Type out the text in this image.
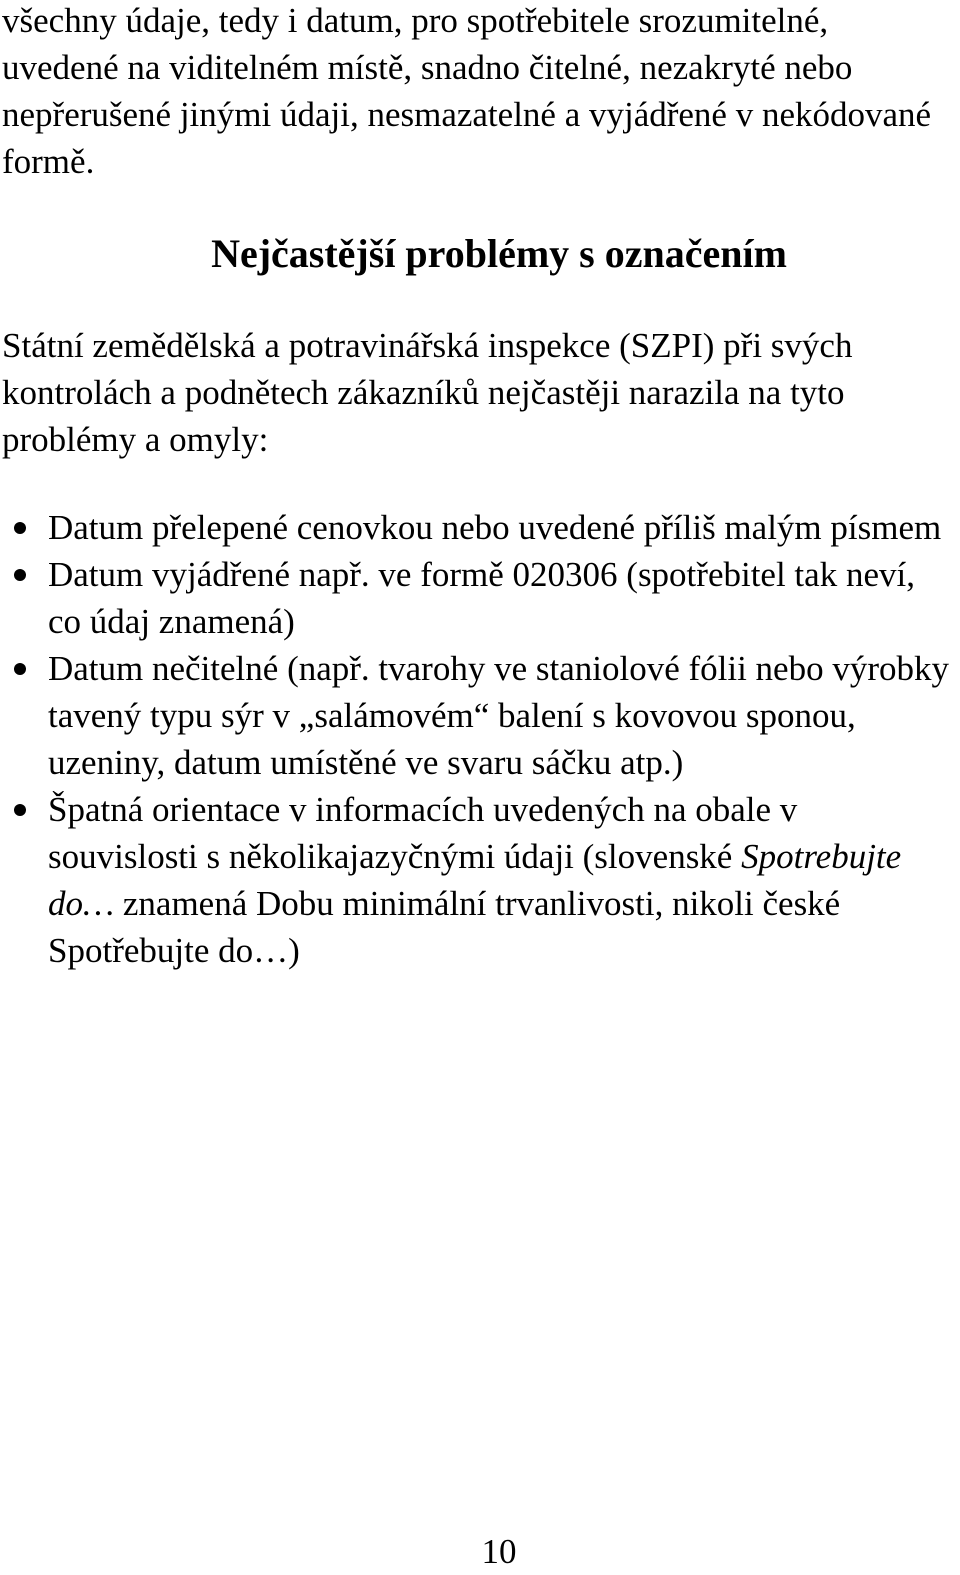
všechny údaje, tedy i datum, pro spotřebitele srozumitelné, uvedené na viditelném místě, snadno čitelné, nezakryté nebo nepřerušené jinými údaji, nesmazatelné a vyjádřené v nekódované formě.

Nejčastější problémy s označením

Státní zemědělská a potravinářská inspekce (SZPI) při svých kontrolách a podnětech zákazníků nejčastěji narazila na tyto problémy a omyly:

Datum přelepené cenovkou nebo uvedené příliš malým písmem
Datum vyjádřené např. ve formě 020306 (spotřebitel tak neví, co údaj znamená)
Datum nečitelné (např. tvarohy ve staniolové fólii nebo výrobky tavený typu sýr v „salámovém“ balení s kovovou sponou, uzeniny, datum umístěné ve svaru sáčku atp.)
Špatná orientace v informacích uvedených na obale v souvislosti s několikajazyčnými údaji (slovenské Spotrebujte do… znamená Dobu minimální trvanlivosti, nikoli české Spotřebujte do…)
10
